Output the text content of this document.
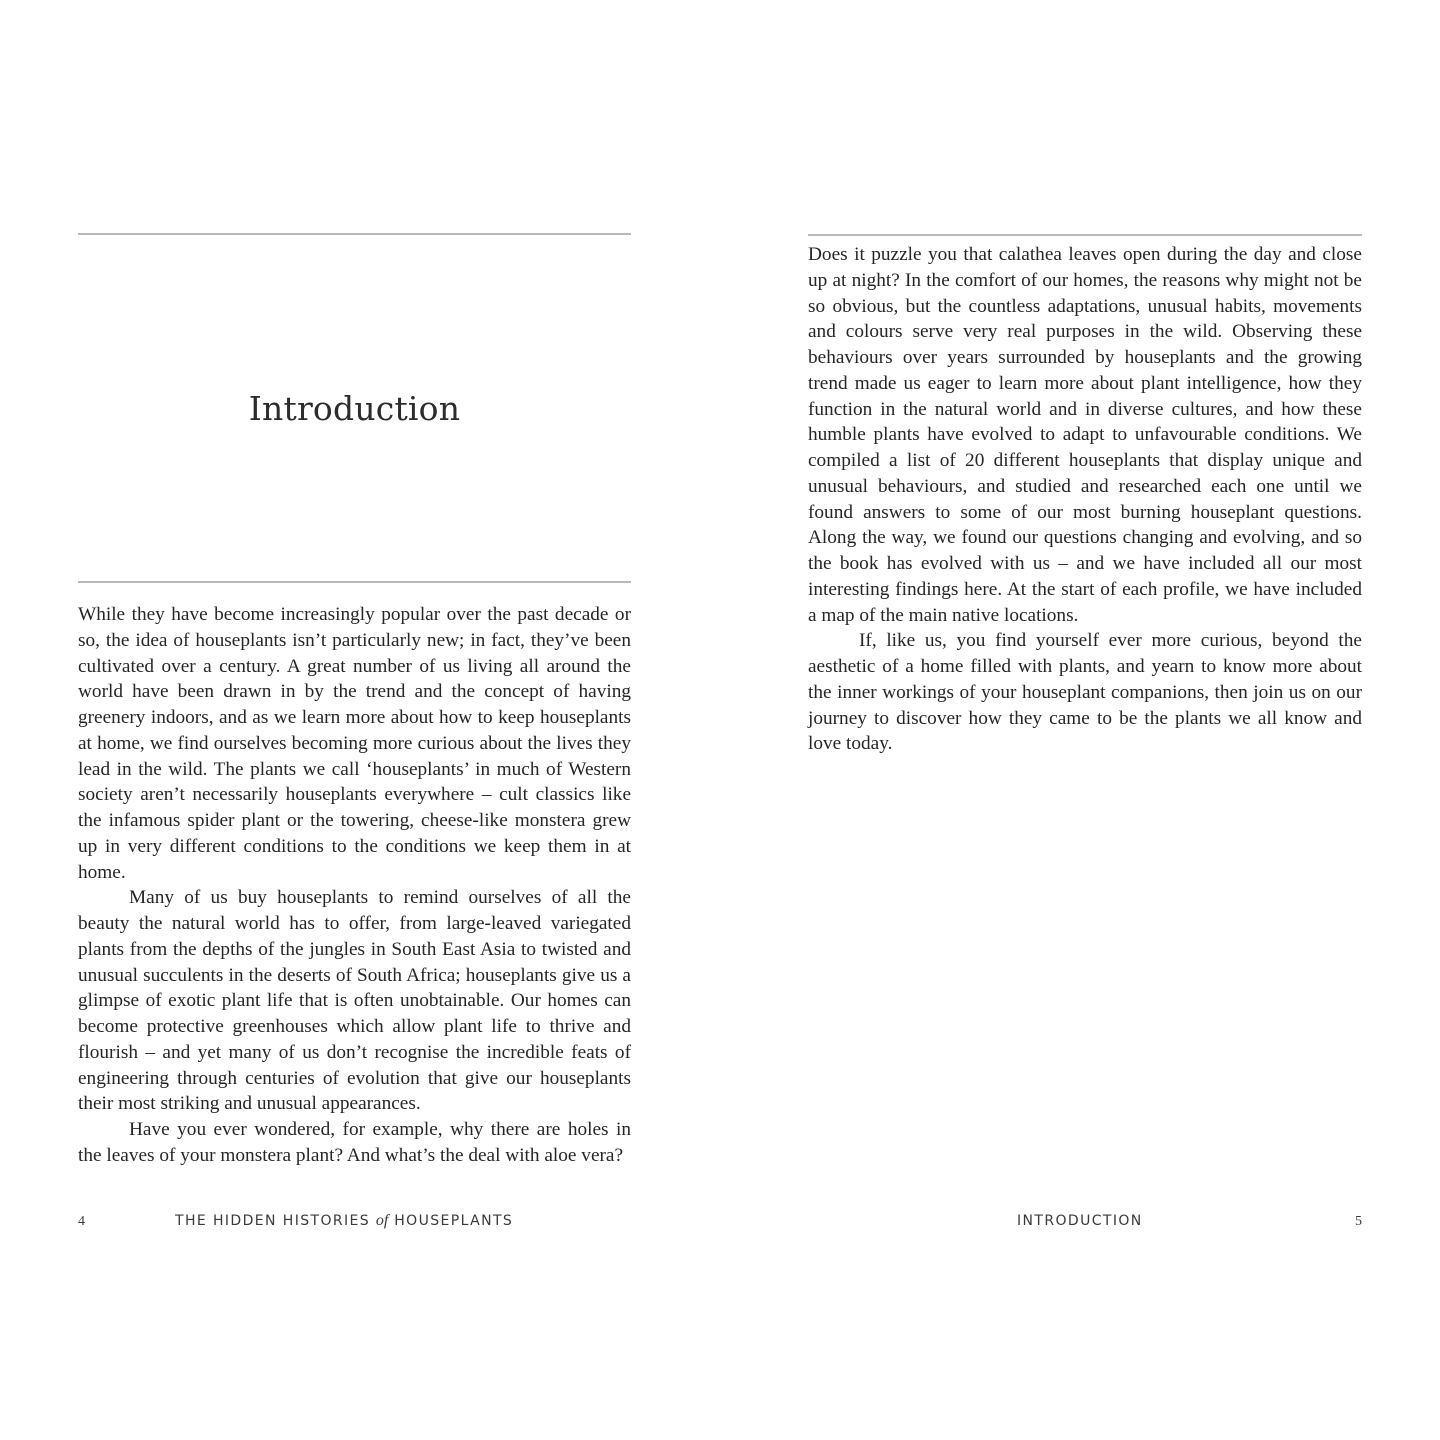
Introduction

While they have become increasingly popular over the past decade or so, the idea of houseplants isn’t particularly new; in fact, they’ve been cultivated over a century. A great number of us living all around the world have been drawn in by the trend and the concept of having greenery indoors, and as we learn more about how to keep houseplants at home, we find ourselves becoming more curious about the lives they lead in the wild. The plants we call ‘houseplants’ in much of Western society aren’t necessarily houseplants everywhere – cult classics like the infamous spider plant or the towering, cheese-like monstera grew up in very different conditions to the conditions we keep them in at home.

Many of us buy houseplants to remind ourselves of all the beauty the natural world has to offer, from large-leaved variegated plants from the depths of the jungles in South East Asia to twisted and unusual succulents in the deserts of South Africa; houseplants give us a glimpse of exotic plant life that is often unobtainable. Our homes can become protective greenhouses which allow plant life to thrive and flourish – and yet many of us don’t recognise the incredible feats of engineering through centuries of evolution that give our houseplants their most striking and unusual appearances.

Have you ever wondered, for example, why there are holes in the leaves of your monstera plant? And what’s the deal with aloe vera?

4	THE HIDDEN HISTORIES of HOUSEPLANTS

Does it puzzle you that calathea leaves open during the day and close up at night? In the comfort of our homes, the reasons why might not be so obvious, but the countless adaptations, unusual habits, movements and colours serve very real purposes in the wild. Observing these behaviours over years surrounded by houseplants and the growing trend made us eager to learn more about plant intelligence, how they function in the natural world and in diverse cultures, and how these humble plants have evolved to adapt to unfavourable conditions. We compiled a list of 20 different houseplants that display unique and unusual behaviours, and studied and researched each one until we found answers to some of our most burning houseplant questions. Along the way, we found our questions changing and evolving, and so the book has evolved with us – and we have included all our most interesting findings here. At the start of each profile, we have included a map of the main native locations.

If, like us, you find yourself ever more curious, beyond the aesthetic of a home filled with plants, and yearn to know more about the inner workings of your houseplant companions, then join us on our journey to discover how they came to be the plants we all know and love today.

INTRODUCTION	5
